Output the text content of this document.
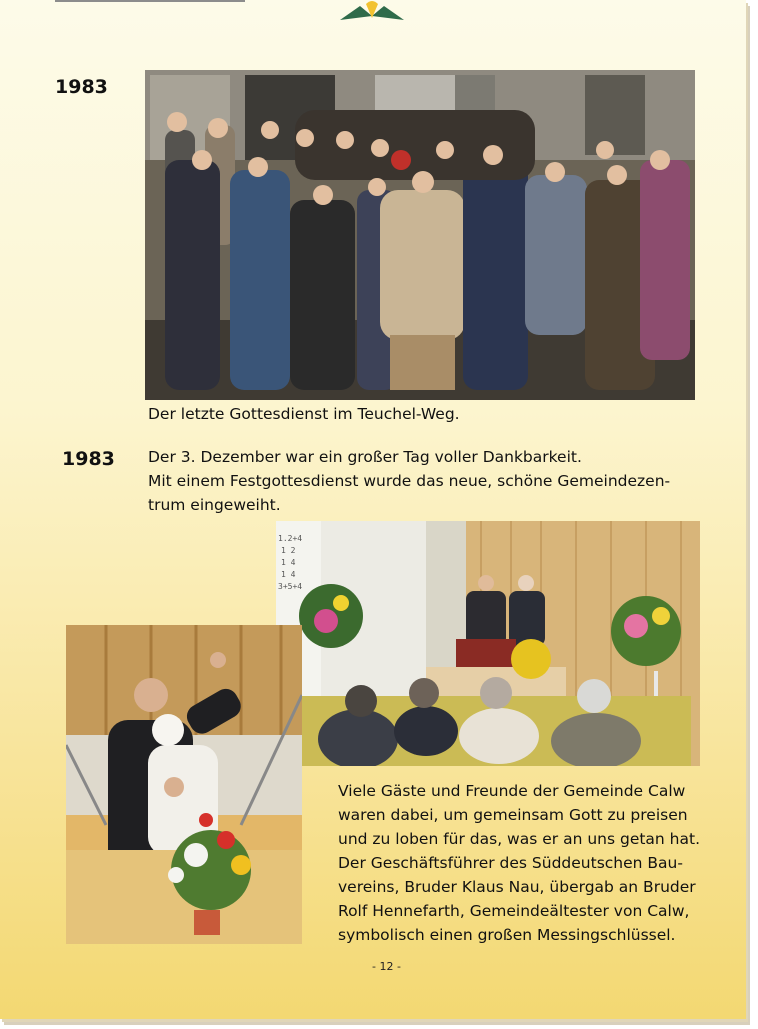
1983
Der letzte Gottesdienst im Teuchel-Weg.
1983 Der 3. Dezember war ein großer Tag voller Dankbarkeit.
Mit einem Festgottesdienst wurde das neue, schöne Gemeindezen-
trum eingeweiht.
1.2+4
1 2
1 4
1 4
3+5+4
Viele Gäste und Freunde der Gemeinde Calw
waren dabei, um gemeinsam Gott zu preisen
und zu loben für das, was er an uns getan hat.
Der Geschäftsführer des Süddeutschen Bau-
vereins, Bruder Klaus Nau, übergab an Bruder
Rolf Hennefarth, Gemeindeältester von Calw,
symbolisch einen großen Messingschlüssel.
- 12 -
